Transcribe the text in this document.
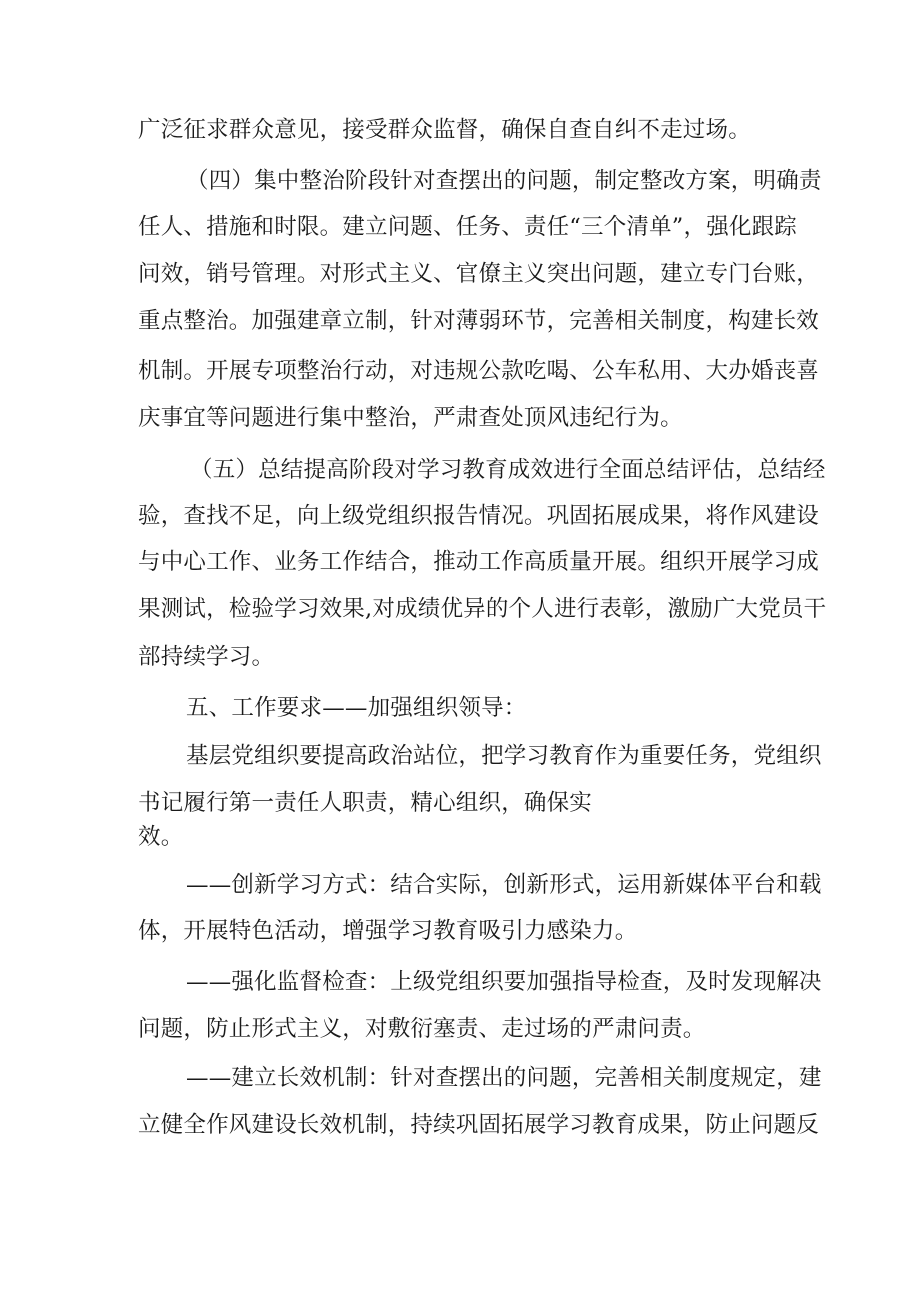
广泛征求群众意见，接受群众监督，确保自查自纠不走过场。
（四）集中整治阶段针对查摆出的问题，制定整改方案，明确责
任人、措施和时限。建立问题、任务、责任“三个清单”，强化跟踪
问效，销号管理。对形式主义、官僚主义突出问题，建立专门台账，
重点整治。加强建章立制，针对薄弱环节，完善相关制度，构建长效
机制。开展专项整治行动，对违规公款吃喝、公车私用、大办婚丧喜
庆事宜等问题进行集中整治，严肃查处顶风违纪行为。
（五）总结提高阶段对学习教育成效进行全面总结评估，总结经
验，查找不足，向上级党组织报告情况。巩固拓展成果，将作风建设
与中心工作、业务工作结合，推动工作高质量开展。组织开展学习成
果测试，检验学习效果,对成绩优异的个人进行表彰，激励广大党员干
部持续学习。
五、工作要求——加强组织领导：
基层党组织要提高政治站位，把学习教育作为重要任务，党组织
书记履行第一责任人职责，精心组织，确保实
效。
——创新学习方式：结合实际，创新形式，运用新媒体平台和载
体，开展特色活动，增强学习教育吸引力感染力。
——强化监督检查：上级党组织要加强指导检查，及时发现解决
问题，防止形式主义，对敷衍塞责、走过场的严肃问责。
——建立长效机制：针对查摆出的问题，完善相关制度规定，建
立健全作风建设长效机制，持续巩固拓展学习教育成果，防止问题反
